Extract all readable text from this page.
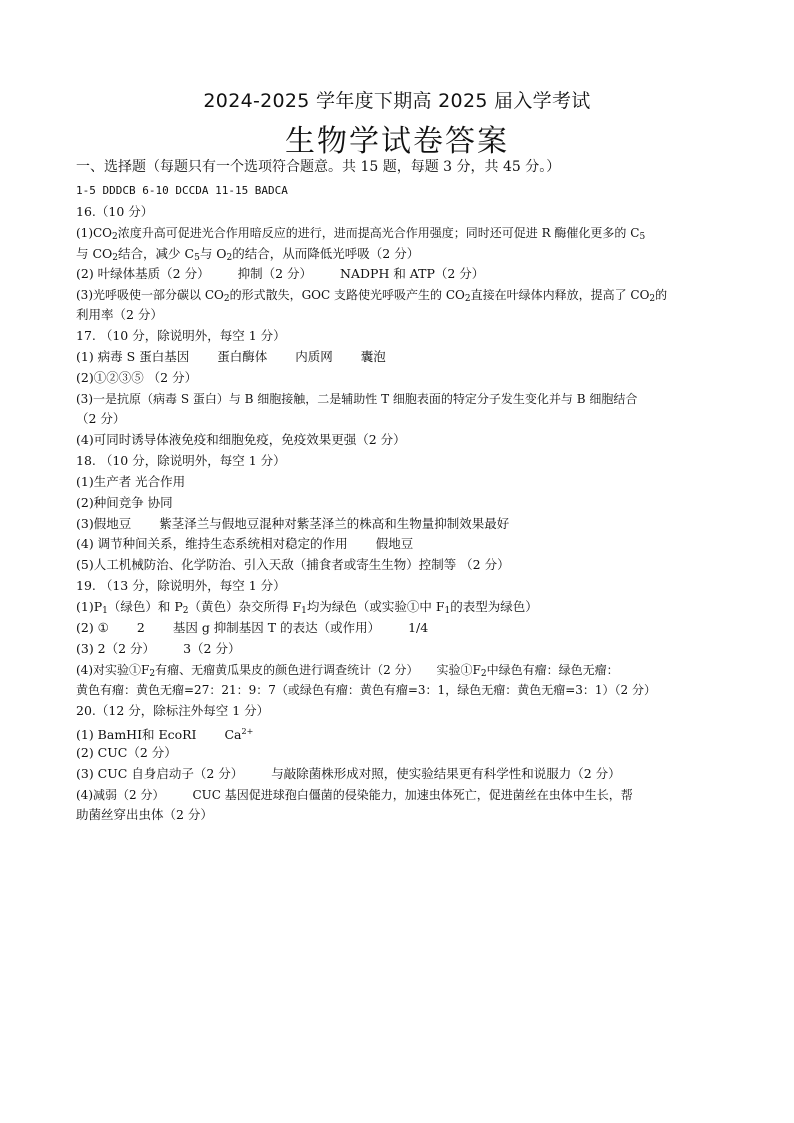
2024-2025 学年度下期高 2025 届入学考试
生物学试卷答案
一、选择题（每题只有一个选项符合题意。共 15 题，每题 3 分，共 45 分。）
1-5 DDDCB 6-10 DCCDA 11-15 BADCA
16.（10 分）
$(1)CO_2$浓度升高可促进光合作用暗反应的进行，进而提高光合作用强度；同时还可促进 R 酶催化更多的 $C_5$
与 $CO_2$结合，减少 $C_5$与 $O_2$的结合，从而降低光呼吸（2 分）
(2) 叶绿体基质（2 分） 抑制（2 分） NADPH 和 ATP（2 分）
(3)光呼吸使一部分碳以 $CO_2$的形式散失，GOC 支路使光呼吸产生的 $CO_2$直接在叶绿体内释放，提高了 $CO_2$的
利用率（2 分）
17. （10 分，除说明外，每空 1 分）
(1) 病毒 S 蛋白基因 蛋白酶体 内质网 囊泡
(2)①②③⑤ （2 分）
(3)一是抗原（病毒 S 蛋白）与 B 细胞接触，二是辅助性 T 细胞表面的特定分子发生变化并与 B 细胞结合
（2 分）
(4)可同时诱导体液免疫和细胞免疫，免疫效果更强（2 分）
18. （10 分，除说明外，每空 1 分）
(1)生产者 光合作用
(2)种间竞争 协同
(3)假地豆 紫茎泽兰与假地豆混种对紫茎泽兰的株高和生物量抑制效果最好
(4) 调节种间关系，维持生态系统相对稳定的作用 假地豆
(5)人工机械防治、化学防治、引入天敌（捕食者或寄生生物）控制等 （2 分）
19. （13 分，除说明外，每空 1 分）
$(1)P_1$（绿色）和 $P_2$（黄色）杂交所得 $F_1$均为绿色（或实验①中 $F_1$的表型为绿色）
(2) ① 2 基因 g 抑制基因 T 的表达（或作用） 1/4
(3) 2（2 分） 3（2 分）
(4)对实验$①F_2$有瘤、无瘤黄瓜果皮的颜色进行调查统计（2 分） 实验$①F_2$中绿色有瘤：绿色无瘤：
黄色有瘤：黄色无瘤=27：21：9：7（或绿色有瘤：黄色有瘤=3：1，绿色无瘤：黄色无瘤=3：1）（2 分）
20.（12 分，除标注外每空 1 分）
(1) BamHⅠ和 EcoRⅠ $Ca^{2+}$
(2) CUC（2 分）
(3) CUC 自身启动子（2 分） 与敲除菌株形成对照，使实验结果更有科学性和说服力（2 分）
(4)减弱（2 分） CUC 基因促进球孢白僵菌的侵染能力，加速虫体死亡，促进菌丝在虫体中生长，帮
助菌丝穿出虫体（2 分）
